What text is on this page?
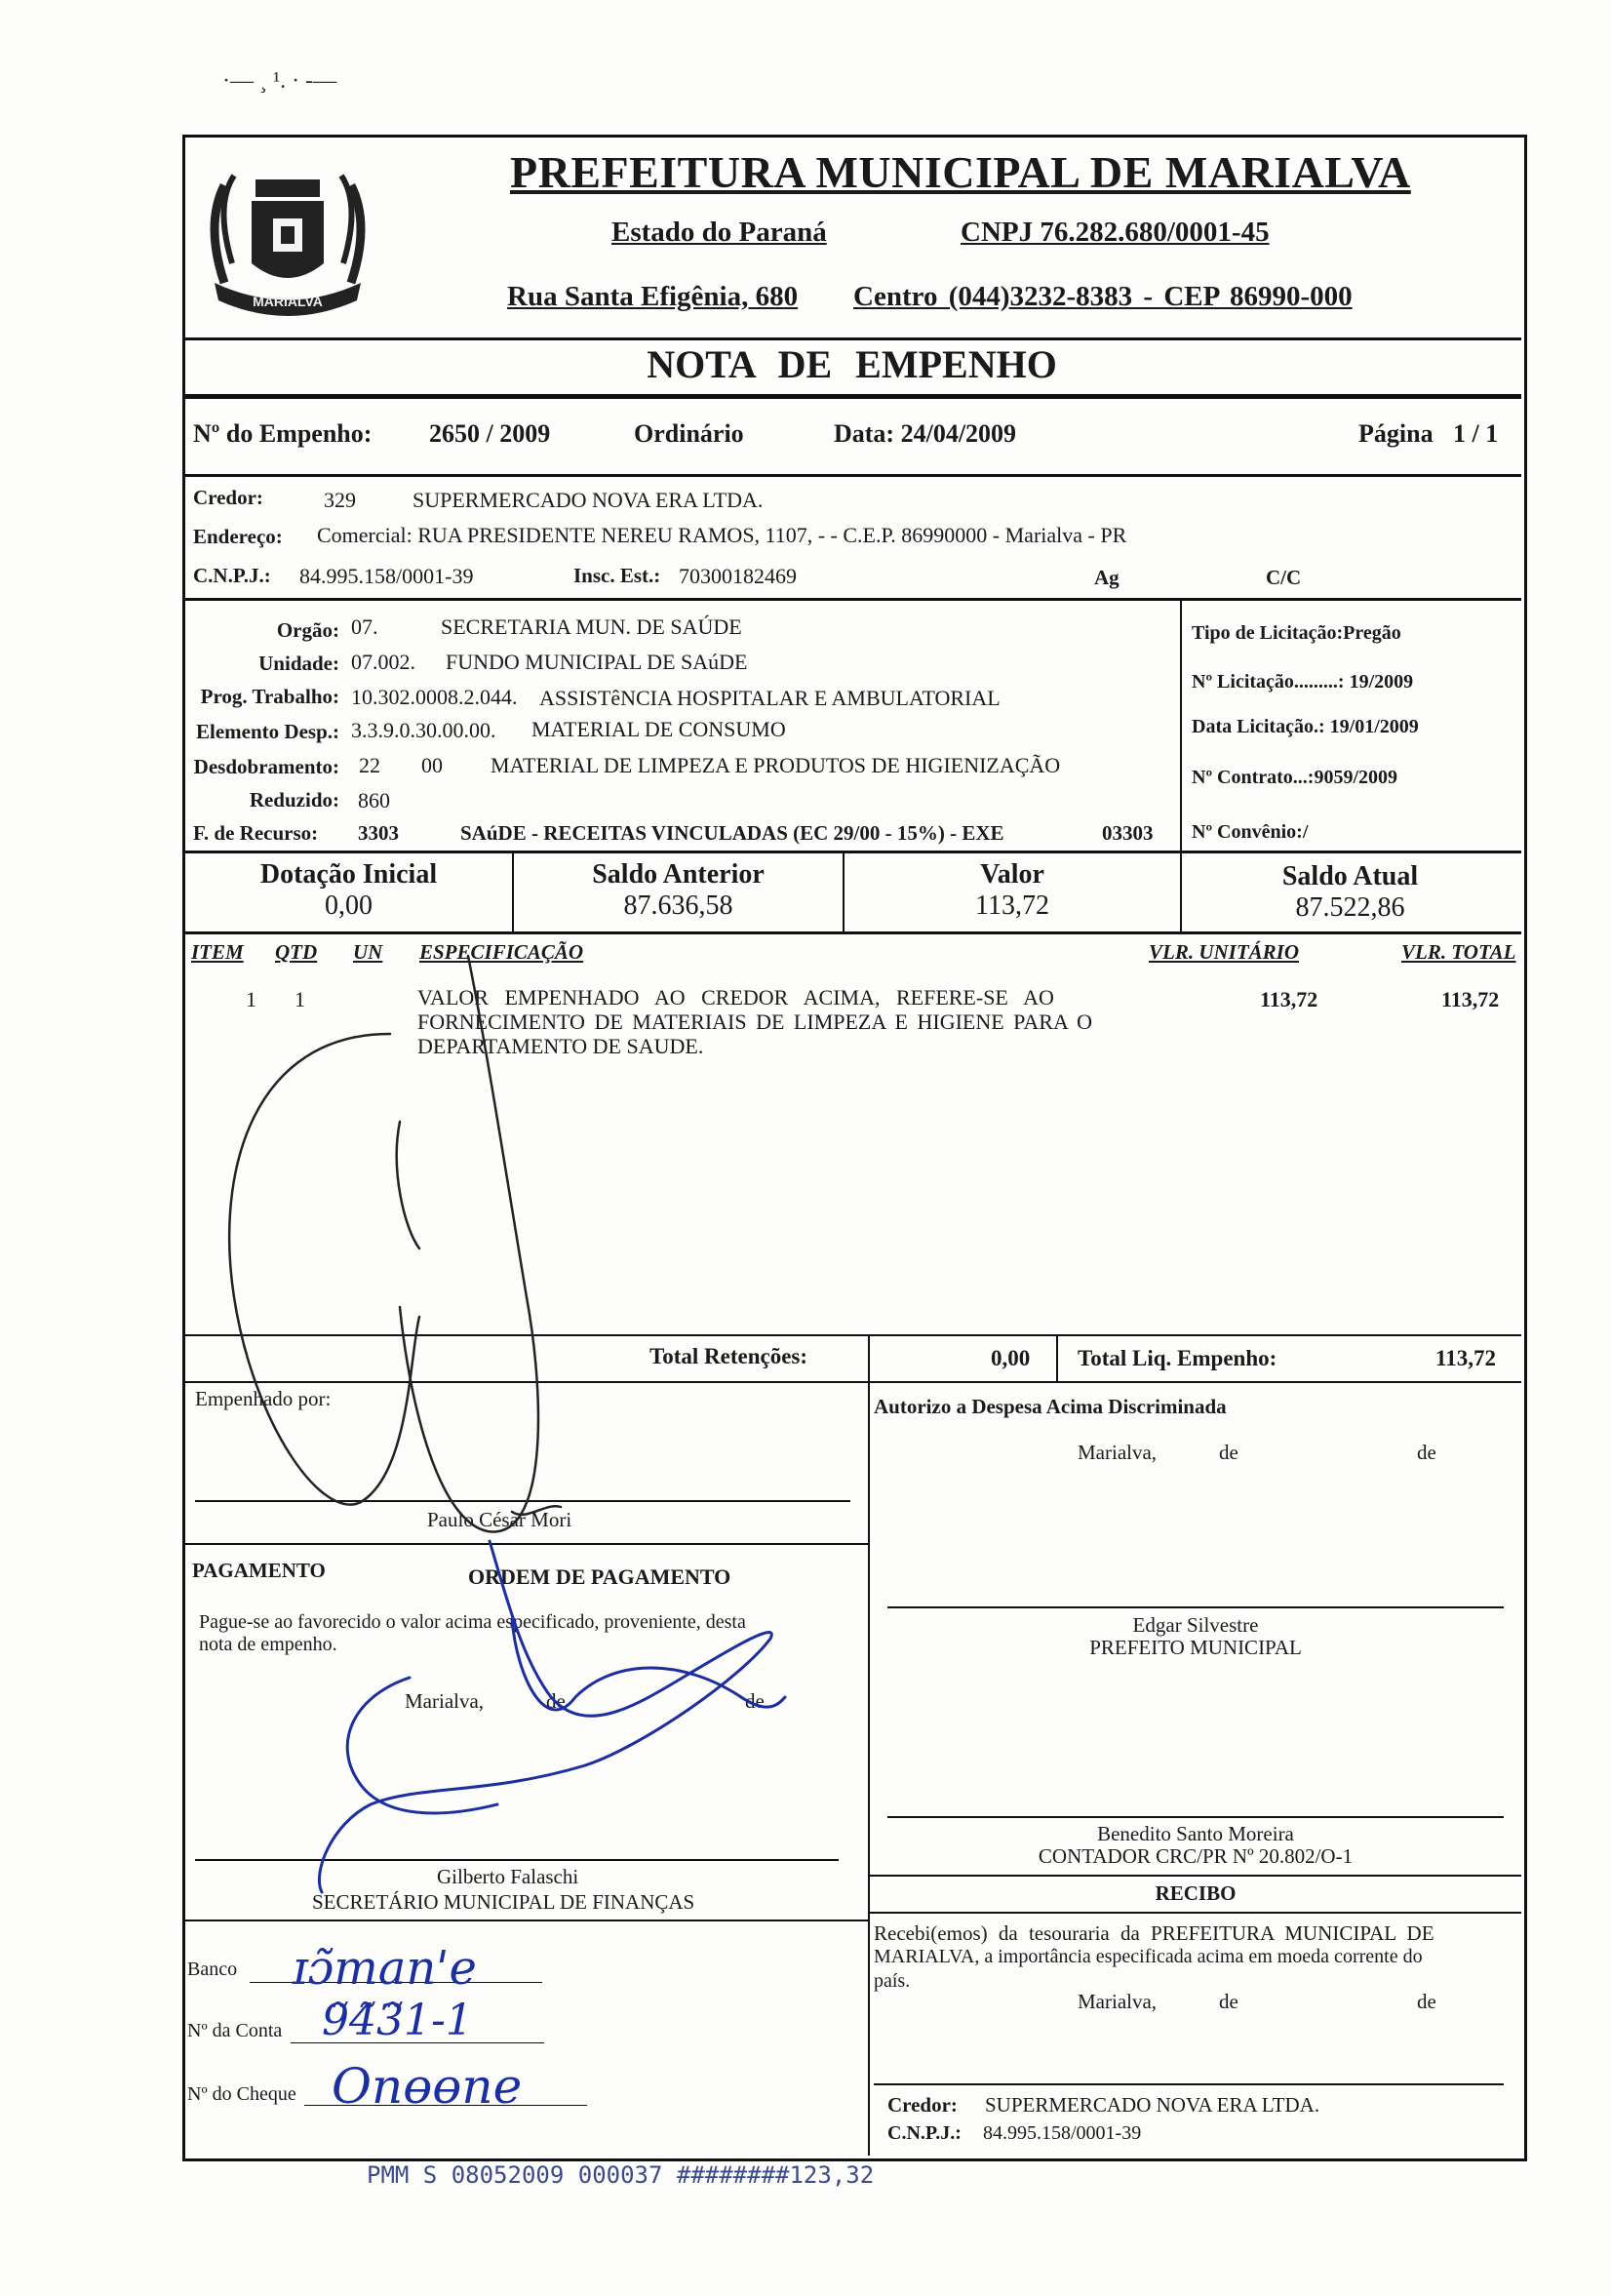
·— ¸ ¹. · -—
MARIALVA
PREFEITURA MUNICIPAL DE MARIALVA
Estado do Paraná	CNPJ 76.282.680/0001-45
Rua Santa Efigênia, 680 Centro (044)3232-8383 - CEP 86990-000
NOTA DE EMPENHO
Nº do Empenho: 2650 / 2009	Ordinário	Data: 24/04/2009	Página 1 / 1
Credor:	329	SUPERMERCADO NOVA ERA LTDA.
Endereço: Comercial: RUA PRESIDENTE NEREU RAMOS, 1107, - - C.E.P. 86990000 - Marialva - PR
C.N.P.J.: 84.995.158/0001-39	Insc. Est.: 70300182469	Ag	C/C
Orgão: 07.	SECRETARIA MUN. DE SAÚDE
Unidade: 07.002. FUNDO MUNICIPAL DE SAúDE
Prog. Trabalho: 10.302.0008.2.044. ASSISTêNCIA HOSPITALAR E AMBULATORIAL
Elemento Desp.: 3.3.9.0.30.00.00. MATERIAL DE CONSUMO
Desdobramento: 22 00 MATERIAL DE LIMPEZA E PRODUTOS DE HIGIENIZAÇÃO
Reduzido: 860
F. de Recurso: 3303	SAúDE - RECEITAS VINCULADAS (EC 29/00 - 15%) - EXE	03303
Tipo de Licitação:Pregão
Nº Licitação.........: 19/2009
Data Licitação.: 19/01/2009
Nº Contrato...:9059/2009
Nº Convênio:/
Dotação Inicial
0,00
Saldo Anterior
87.636,58
Valor
113,72
Saldo Atual
87.522,86
ITEM QTD UN ESPECIFICAÇÃO	VLR. UNITÁRIO	VLR. TOTAL
1 1	VALOR EMPENHADO AO CREDOR ACIMA, REFERE-SE AO
FORNECIMENTO DE MATERIAIS DE LIMPEZA E HIGIENE PARA O
DEPARTAMENTO DE SAUDE.
113,72	113,72
Total Retenções:	0,00 Total Liq. Empenho:	113,72
Empenhado por:
Paulo César Mori
Autorizo a Despesa Acima Discriminada
Marialva,	de	de
Edgar Silvestre
PREFEITO MUNICIPAL
Benedito Santo Moreira
CONTADOR CRC/PR Nº 20.802/O-1
PAGAMENTO	ORDEM DE PAGAMENTO
Pague-se ao favorecido o valor acima especificado, proveniente, desta
nota de empenho.
Marialva,	de	de
Gilberto Falaschi
SECRETÁRIO MUNICIPAL DE FINANÇAS
Banco ɪɔ̃manꞌe
Nº da Conta 9̃4̃3̃1-1
Nº do Cheque Onɵɵne
RECIBO
Recebi(emos) da tesouraria da PREFEITURA MUNICIPAL DE
MARIALVA, a importância especificada acima em moeda corrente do
país.
Marialva,	de	de
Credor: SUPERMERCADO NOVA ERA LTDA.
C.N.P.J.: 84.995.158/0001-39
PMM S 08052009 000037 ########123,32
